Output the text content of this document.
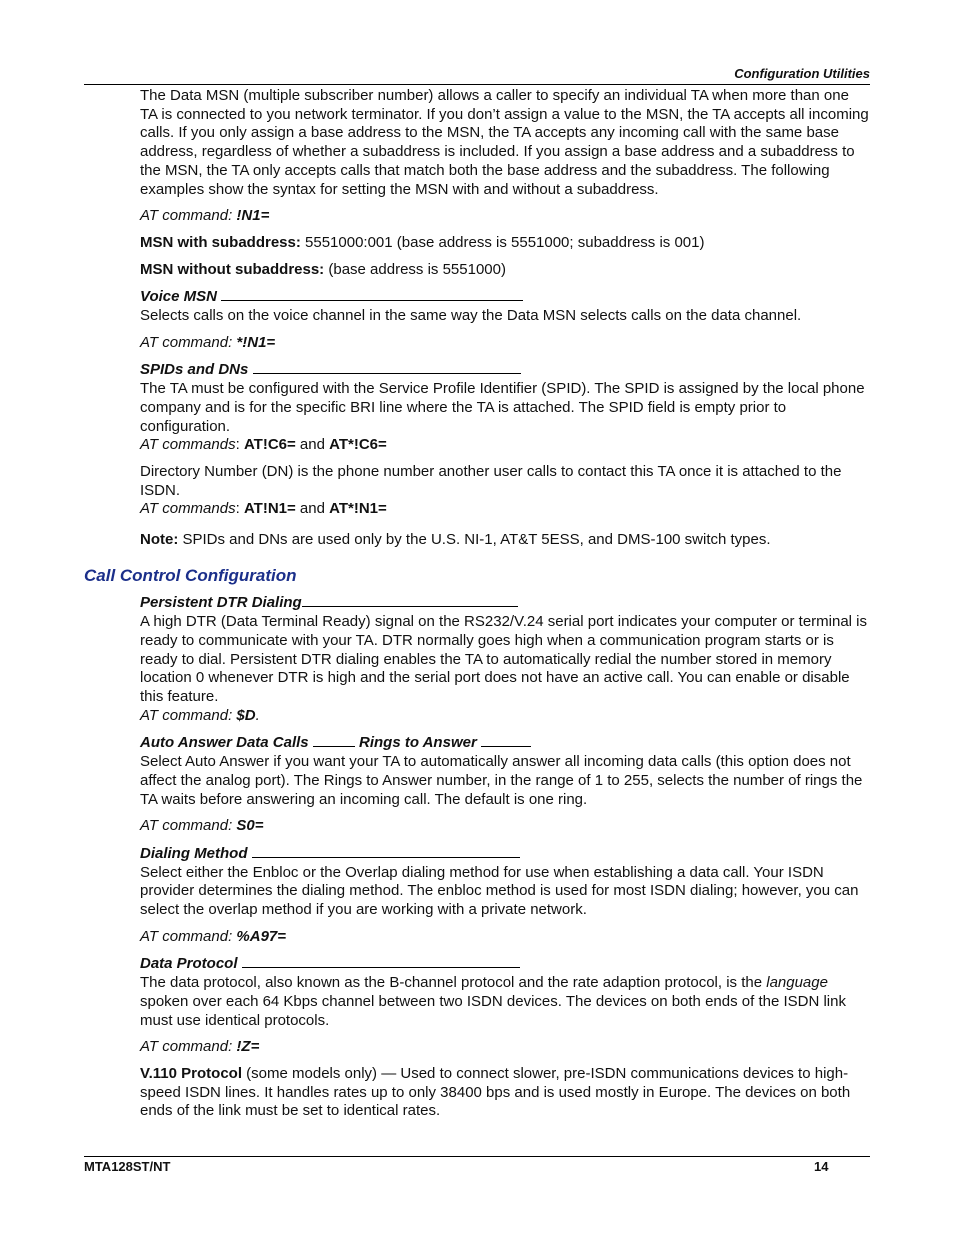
Configuration Utilities

The Data MSN (multiple subscriber number) allows a caller to specify an individual TA when more than one TA is connected to you network terminator. If you don’t assign a value to the MSN, the TA accepts all incoming calls. If you only assign a base address to the MSN, the TA accepts any incoming call with the same base address, regardless of whether a subaddress is included. If you assign a base address and a subaddress to the MSN, the TA only accepts calls that match both the base address and the subaddress. The following examples show the syntax for setting the MSN with and without a subaddress.

AT command: !N1=

MSN with subaddress: 5551000:001 (base address is 5551000; subaddress is 001)

MSN without subaddress: (base address is 5551000)

Voice MSN

Selects calls on the voice channel in the same way the Data MSN selects calls on the data channel.

AT command: *!N1=

SPIDs and DNs

The TA must be configured with the Service Profile Identifier (SPID). The SPID is assigned by the local phone company and is for the specific BRI line where the TA is attached. The SPID field is empty prior to configuration.

AT commands: AT!C6= and AT*!C6=

Directory Number (DN) is the phone number another user calls to contact this TA once it is attached to the ISDN.

AT commands: AT!N1= and AT*!N1=

Note: SPIDs and DNs are used only by the U.S. NI-1, AT&T 5ESS, and DMS-100 switch types.

Call Control Configuration

Persistent DTR Dialing

A high DTR (Data Terminal Ready) signal on the RS232/V.24 serial port indicates your computer or terminal is ready to communicate with your TA. DTR normally goes high when a communication program starts or is ready to dial. Persistent DTR dialing enables the TA to automatically redial the number stored in memory location 0 whenever DTR is high and the serial port does not have an active call. You can enable or disable this feature.

AT command: $D.

Auto Answer Data Calls	Rings to Answer

Select Auto Answer if you want your TA to automatically answer all incoming data calls (this option does not affect the analog port). The Rings to Answer number, in the range of 1 to 255, selects the number of rings the TA waits before answering an incoming call. The default is one ring.

AT command: S0=

Dialing Method

Select either the Enbloc or the Overlap dialing method for use when establishing a data call. Your ISDN provider determines the dialing method. The enbloc method is used for most ISDN dialing; however, you can select the overlap method if you are working with a private network.

AT command: %A97=

Data Protocol

The data protocol, also known as the B-channel protocol and the rate adaption protocol, is the language spoken over each 64 Kbps channel between two ISDN devices. The devices on both ends of the ISDN link must use identical protocols.

AT command: !Z=

V.110 Protocol (some models only) — Used to connect slower, pre-ISDN communications devices to high-speed ISDN lines. It handles rates up to only 38400 bps and is used mostly in Europe. The devices on both ends of the link must be set to identical rates.

MTA128ST/NT	14
